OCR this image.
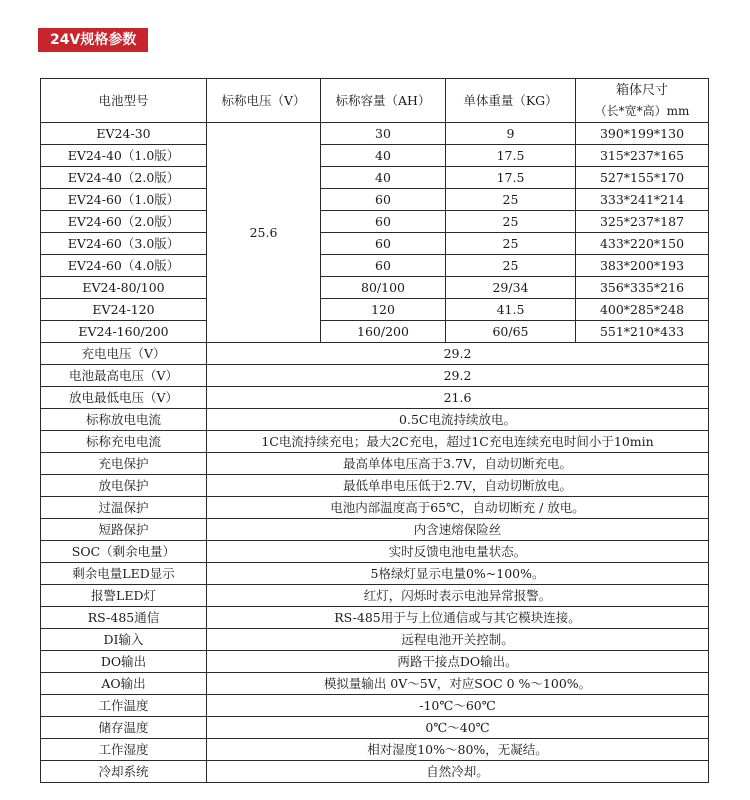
24V规格参数
电池型号	标称电压（V）	标称容量（AH）	单体重量（KG）	箱体尺寸
（长*宽*高）mm

EV24-30	25.6	30	9	390*199*130
EV24-40（1.0版）		40	17.5	315*237*165
EV24-40（2.0版）		40	17.5	527*155*170
EV24-60（1.0版）		60	25	333*241*214
EV24-60（2.0版）		60	25	325*237*187
EV24-60（3.0版）		60	25	433*220*150
EV24-60（4.0版）		60	25	383*200*193
EV24-80/100		80/100	29/34	356*335*216
EV24-120		120	41.5	400*285*248
EV24-160/200		160/200	60/65	551*210*433
充电电压（V）	29.2			
电池最高电压（V）	29.2			
放电最低电压（V）	21.6			
标称放电电流	0.5C电流持续放电。			
标称充电电流	1C电流持续充电；最大2C充电，超过1C充电连续充电时间小于10min			
充电保护	最高单体电压高于3.7V，自动切断充电。			
放电保护	最低单串电压低于2.7V，自动切断放电。			
过温保护	电池内部温度高于65℃，自动切断充 / 放电。			
短路保护	内含速熔保险丝			
SOC（剩余电量）	实时反馈电池电量状态。			
剩余电量LED显示	5格绿灯显示电量0%~100%。			
报警LED灯	红灯，闪烁时表示电池异常报警。			
RS-485通信	RS-485用于与上位通信或与其它模块连接。			
DI输入	远程电池开关控制。			
DO输出	两路干接点DO输出。			
AO输出	模拟量输出 0V～5V，对应SOC 0 %～100%。			
工作温度	-10℃～60℃			
储存温度	0℃～40℃			
工作湿度	相对湿度10%～80%，无凝结。			
冷却系统	自然冷却。			
